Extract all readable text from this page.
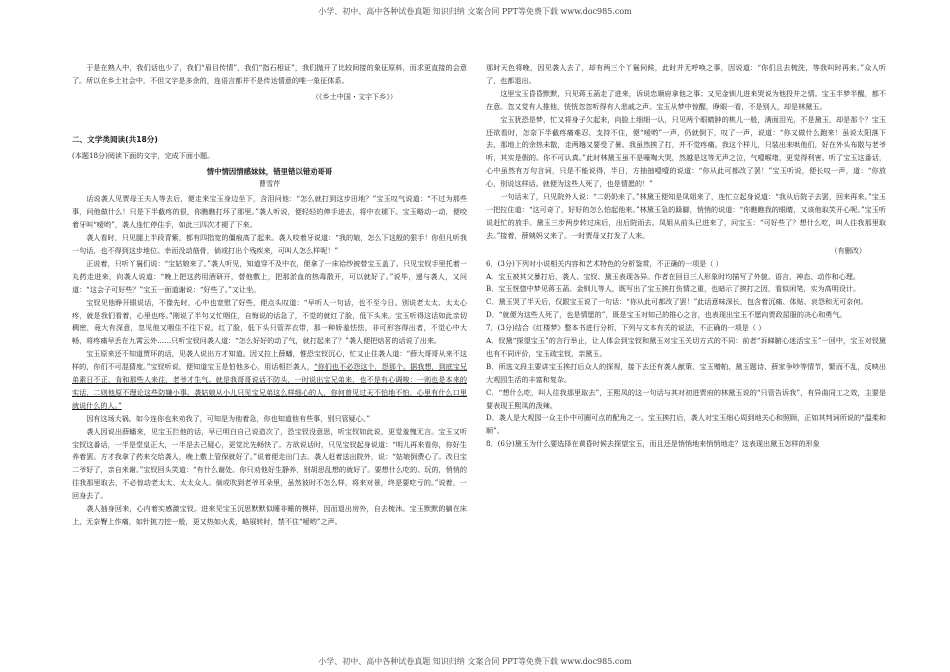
小学、初中、高中各种试卷真题 知识归纳 文案合同 PPT等免费下载 www.doc985.com

于是在熟人中，我们话也少了，我们“眉目传情”，我们“指石相证”，我们抛开了比较间接的象征原料，而求更直接的会意了。所以在乡土社会中，不但文字是多余的，连语言都并不是传达情意的唯一象征体系。

（《乡土中国・文字下乡》）

二、文学类阅读(共18分)

(本题18分)阅读下面的文字，完成下面小题。

情中情因情感妹妹，错里错以错劝哥哥

曹雪芹

话说袭人见贾母王夫人等去后，便走来宝玉身边坐下，含泪问他：“怎么就打到这步田地？”宝玉叹气说道：“不过为那些事，问他做什么！只是下半截疼的很，你瞧瞧打坏了那里。”袭人听说，便轻轻的伸手进去，将中衣褪下。宝玉略动一动，便咬着牙叫“嗳哟”，袭人连忙停住手，如此三四次才褪了下来。

袭人看时，只见腿上半段青紫，都有四指宽的僵痕高了起来。袭人咬着牙说道：“我的娘，怎么下这般的狠手！你但凡听我一句话，也不得到这步地位。幸而没动筋骨，倘或打出个残疾来，可叫人怎么样呢！”

正说着，只听丫鬟们说：“宝姑娘来了。”袭人听见，知道穿不及中衣，便拿了一床袷纱被替宝玉盖了。只见宝钗手里托着一丸药走进来，向袭人说道：“晚上把这药用酒研开，替他敷上，把那淤血的热毒散开，可以就好了。”说毕，递与袭人，又问道：“这会子可好些？”宝玉一面道谢说：“好些了。”又让坐。

宝钗见他睁开眼说话，不像先时，心中也宽慰了好些，便点头叹道：“早听人一句话，也不至今日。别说老太太、太太心疼，就是我们看着，心里也疼。”刚说了半句又忙咽住，自悔说的话急了，不觉的就红了脸，低下头来。宝玉听得这话如此亲切稠密，竟大有深意，忽见他又咽住不往下说，红了脸，低下头只管弄衣带，那一种娇羞怯怯，非可形容得出者，不觉心中大畅，将疼痛早丢在九霄云外……只听宝钗问袭人道：“怎么好好的动了气，就打起来了？”袭人便把焙茗的话说了出来。

宝玉原来还不知道贾环的话，见袭人说出方才知道。因又拉上薛蟠，惟恐宝钗沉心，忙又止住袭人道：“薛大哥哥从来不这样的，你们不可混猜度。”宝钗听说，便知道宝玉是怕他多心，用话相拦袭人，“你们也不必怨这个，怨那个。据我想，到底宝兄弟素日不正，肯和那些人来往，老爷才生气。就是我哥哥说话不防头，一时说出宝兄弟来，也不是有心调唆：一则也是本来的实话，二则他原不理论这些防嫌小事。袭姑娘从小儿只见宝兄弟这么样细心的人，你何曾见过天不怕地不怕，心里有什么口里就说什么的人。”

因有这场大祸。如今连你也来劝我了，可知是为他着急，你也知道他有些事，别只管疑心。”

袭人因说出薛蟠来，见宝玉拦他的话，早已明白自己说造次了，恐宝钗没意思，听宝钗如此说，更觉羞愧无言。宝玉又听宝钗这番话，一半是堂皇正大，一半是去己疑心，更觉比先畅快了。方欲说话时，只见宝钗起身说道：“明儿再来看你，你好生养着罢。方才我拿了药来交给袭人，晚上敷上管保就好了。”说着便走出门去。袭人赶着送出院外，说：“姑娘倒费心了。改日宝二爷好了，亲自来谢。”宝钗回头笑道：“有什么谢处。你只劝他好生静养，别胡思乱想的就好了。要想什么吃的、玩的，悄悄的往我那里取去，不必惊动老太太、太太众人。倘或吹到老爷耳朵里，虽然彼时不怎么样，将来对景，终是要吃亏的。”说着，一回身去了。

袭人抽身回来，心内着实感激宝钗。进来见宝玉沉思默默似睡非睡的模样，因而退出房外，自去梳沐。宝玉默默的躺在床上，无奈臀上作痛，如针挑刀挖一般，更又热如火炙，略展转时，禁不住“嗳哟”之声。

那时天色将晚，因见袭人去了，却有两三个丫鬟伺候，此时并无呼唤之事，因说道：“你们且去梳洗，等我叫时再来。”众人听了，也都退出。

这里宝玉昏昏默默，只见蒋玉菡走了进来，诉说忠顺府拿他之事；又见金钏儿进来哭说为他投井之情。宝玉半梦半醒，都不在意。忽又觉有人推他，恍恍忽忽听得有人悲戚之声。宝玉从梦中惊醒，睁眼一看，不是别人，却是林黛玉。

宝玉犹恐是梦，忙又将身子欠起来，向脸上细细一认，只见两个眼睛肿的桃儿一般，满面泪光，不是黛玉，却是那个？宝玉还欲看时，怎奈下半截疼痛难忍，支持不住，便“嗳哟”一声，仍就倒下，叹了一声，说道：“你又做什么跑来！虽说太阳落下去，那地上的余热未散，走两趟又要受了暑。我虽然挨了打，并不觉疼痛。我这个样儿，只装出来哄他们，好在外头布散与老爷听，其实是假的。你不可认真。”此时林黛玉虽不是嚎啕大哭，然越是这等无声之泣，气噎喉堵，更觉得利害。听了宝玉这番话，心中虽然有万句言词，只是不能说得，半日，方抽抽噎噎的说道：“你从此可都改了罢！”宝玉听说，便长叹一声，道：“你放心，别说这样话。就便为这些人死了，也是情愿的！”

一句话未了，只见院外人说：“二奶奶来了。”林黛玉便知是凤姐来了，连忙立起身说道：“我从后院子去罢，回来再来。”宝玉一把拉住道：“这可奇了，好好的怎么怕起他来。”林黛玉急的跺脚，悄悄的说道：“你瞧瞧我的眼睛，又该他取笑开心呢。”宝玉听说赶忙的放手。黛玉三步两步转过床后，出后院而去。凤姐从前头已进来了，问宝玉：“可好些了？想什么吃，叫人往我那里取去。”接着，薛姨妈又来了。一时贾母又打发了人来。

（有删改）

6．(3分)下列对小说相关内容和艺术特色的分析鉴赏，不正确的一项是（ ）

A．宝玉被其父暴打后，袭人、宝钗、黛玉表现各异。作者在回目三人形象时均描写了外貌、语言、神态、动作和心理。

B．宝玉恍惚中梦见蒋玉菡、金钏儿等人，既写出了宝玉挨打伤情之重，也暗示了挨打之因，看似闲笔，实为高明设计。

C．黛玉哭了半天后，仅跟宝玉说了一句话：“你从此可都改了罢！”此话意味深长，包含着沉痛、体贴、哀怨和无可奈何。

D．“就便为这些人死了，也是情愿的”，既是宝玉对知己的推心之言，也表现出宝玉不愿向贾政屈服的决心和勇气。

7．(3分)结合《红楼梦》整本书进行分析，下列与文本有关的说法，不正确的一项是（ ）

A．钗黛“探望宝玉”的言行举止，让人体会到宝钗和黛玉对宝玉关切方式的不同：前者“诉睇腑心迷活宝玉”一回中，宝玉对钗黛也有不同评价，宝玉疏宝钗，亲黛玉。

B．所选文段主要讲宝玉挨打后众人的探视，接下去还有袭人献策、宝玉赠帕、黛玉题诗、薛家争吵等情节，繁而不乱，反映出大观园生活的丰富和复杂。

C．“想什么吃，叫人往我那里取去”，王熙凤的这一句话与其对初进贾府的林黛玉说的“只管告诉我”，有异曲同工之效，主要是要表现王熙凤的泼辣。

D．袭人是大观园一众主仆中可圈可点的配角之一。宝玉挨打后，袭人对宝玉细心周到地关心和照顾，正如其判词所说的“温柔和顺”。

8．(6分)黛玉为什么要选择在黄昏时候去探望宝玉，而且还是悄悄地来悄悄地走？这表现出黛玉怎样的形象

小学、初中、高中各种试卷真题 知识归纳 文案合同 PPT等免费下载 www.doc985.com
